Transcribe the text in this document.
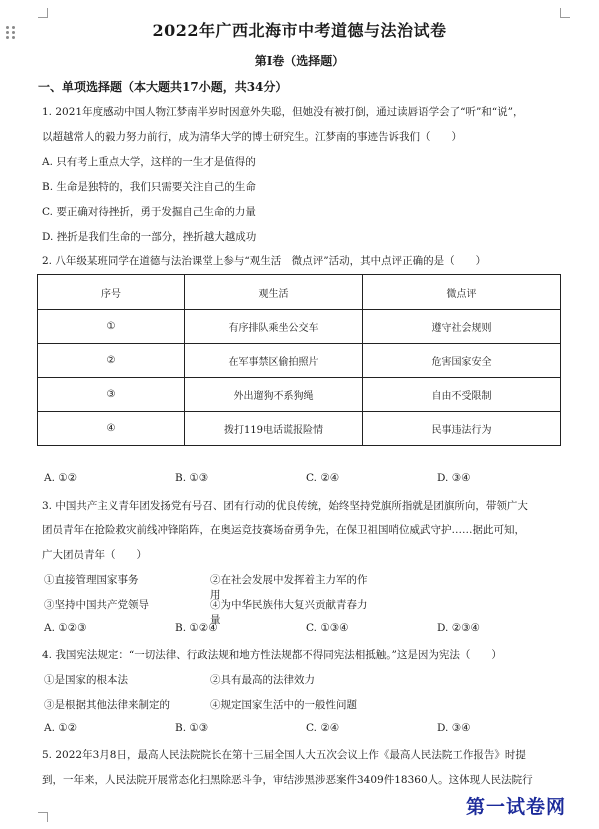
2022年广西北海市中考道德与法治试卷
第I卷（选择题）
一、单项选择题（本大题共17小题，共34分）
1. 2021年度感动中国人物江梦南半岁时因意外失聪，但她没有被打倒，通过读唇语学会了“听”和“说”，
以超越常人的毅力努力前行，成为清华大学的博士研究生。江梦南的事迹告诉我们（　　）
A. 只有考上重点大学，这样的一生才是值得的
B. 生命是独特的，我们只需要关注自己的生命
C. 要正确对待挫折，勇于发掘自己生命的力量
D. 挫折是我们生命的一部分，挫折越大越成功
2. 八年级某班同学在道德与法治课堂上参与“观生活　微点评”活动，其中点评正确的是（　　）
序号	观生活	微点评
①	有序排队乘坐公交车	遵守社会规则
②	在军事禁区偷拍照片	危害国家安全
③	外出遛狗不系狗绳	自由不受限制
④	拨打119电话谎报险情	民事违法行为
A. ①②	B. ①③	C. ②④	D. ③④
3. 中国共产主义青年团发扬党有号召、团有行动的优良传统，始终坚持党旗所指就是团旗所向，带领广大
团员青年在抢险救灾前线冲锋陷阵，在奥运竞技赛场奋勇争先，在保卫祖国哨位威武守护……据此可知，
广大团员青年（　　）
①直接管理国家事务	②在社会发展中发挥着主力军的作用
③坚持中国共产党领导	④为中华民族伟大复兴贡献青春力量
A. ①②③	B. ①②④	C. ①③④	D. ②③④
4. 我国宪法规定：“一切法律、行政法规和地方性法规都不得同宪法相抵触。”这是因为宪法（　　）
①是国家的根本法	②具有最高的法律效力
③是根据其他法律来制定的	④规定国家生活中的一般性问题
A. ①②	B. ①③	C. ②④	D. ③④
5. 2022年3月8日，最高人民法院院长在第十三届全国人大五次会议上作《最高人民法院工作报告》时提
到，一年来，人民法院开展常态化扫黑除恶斗争，审结涉黑涉恶案件3409件18360人。这体现人民法院行
第一试卷网
